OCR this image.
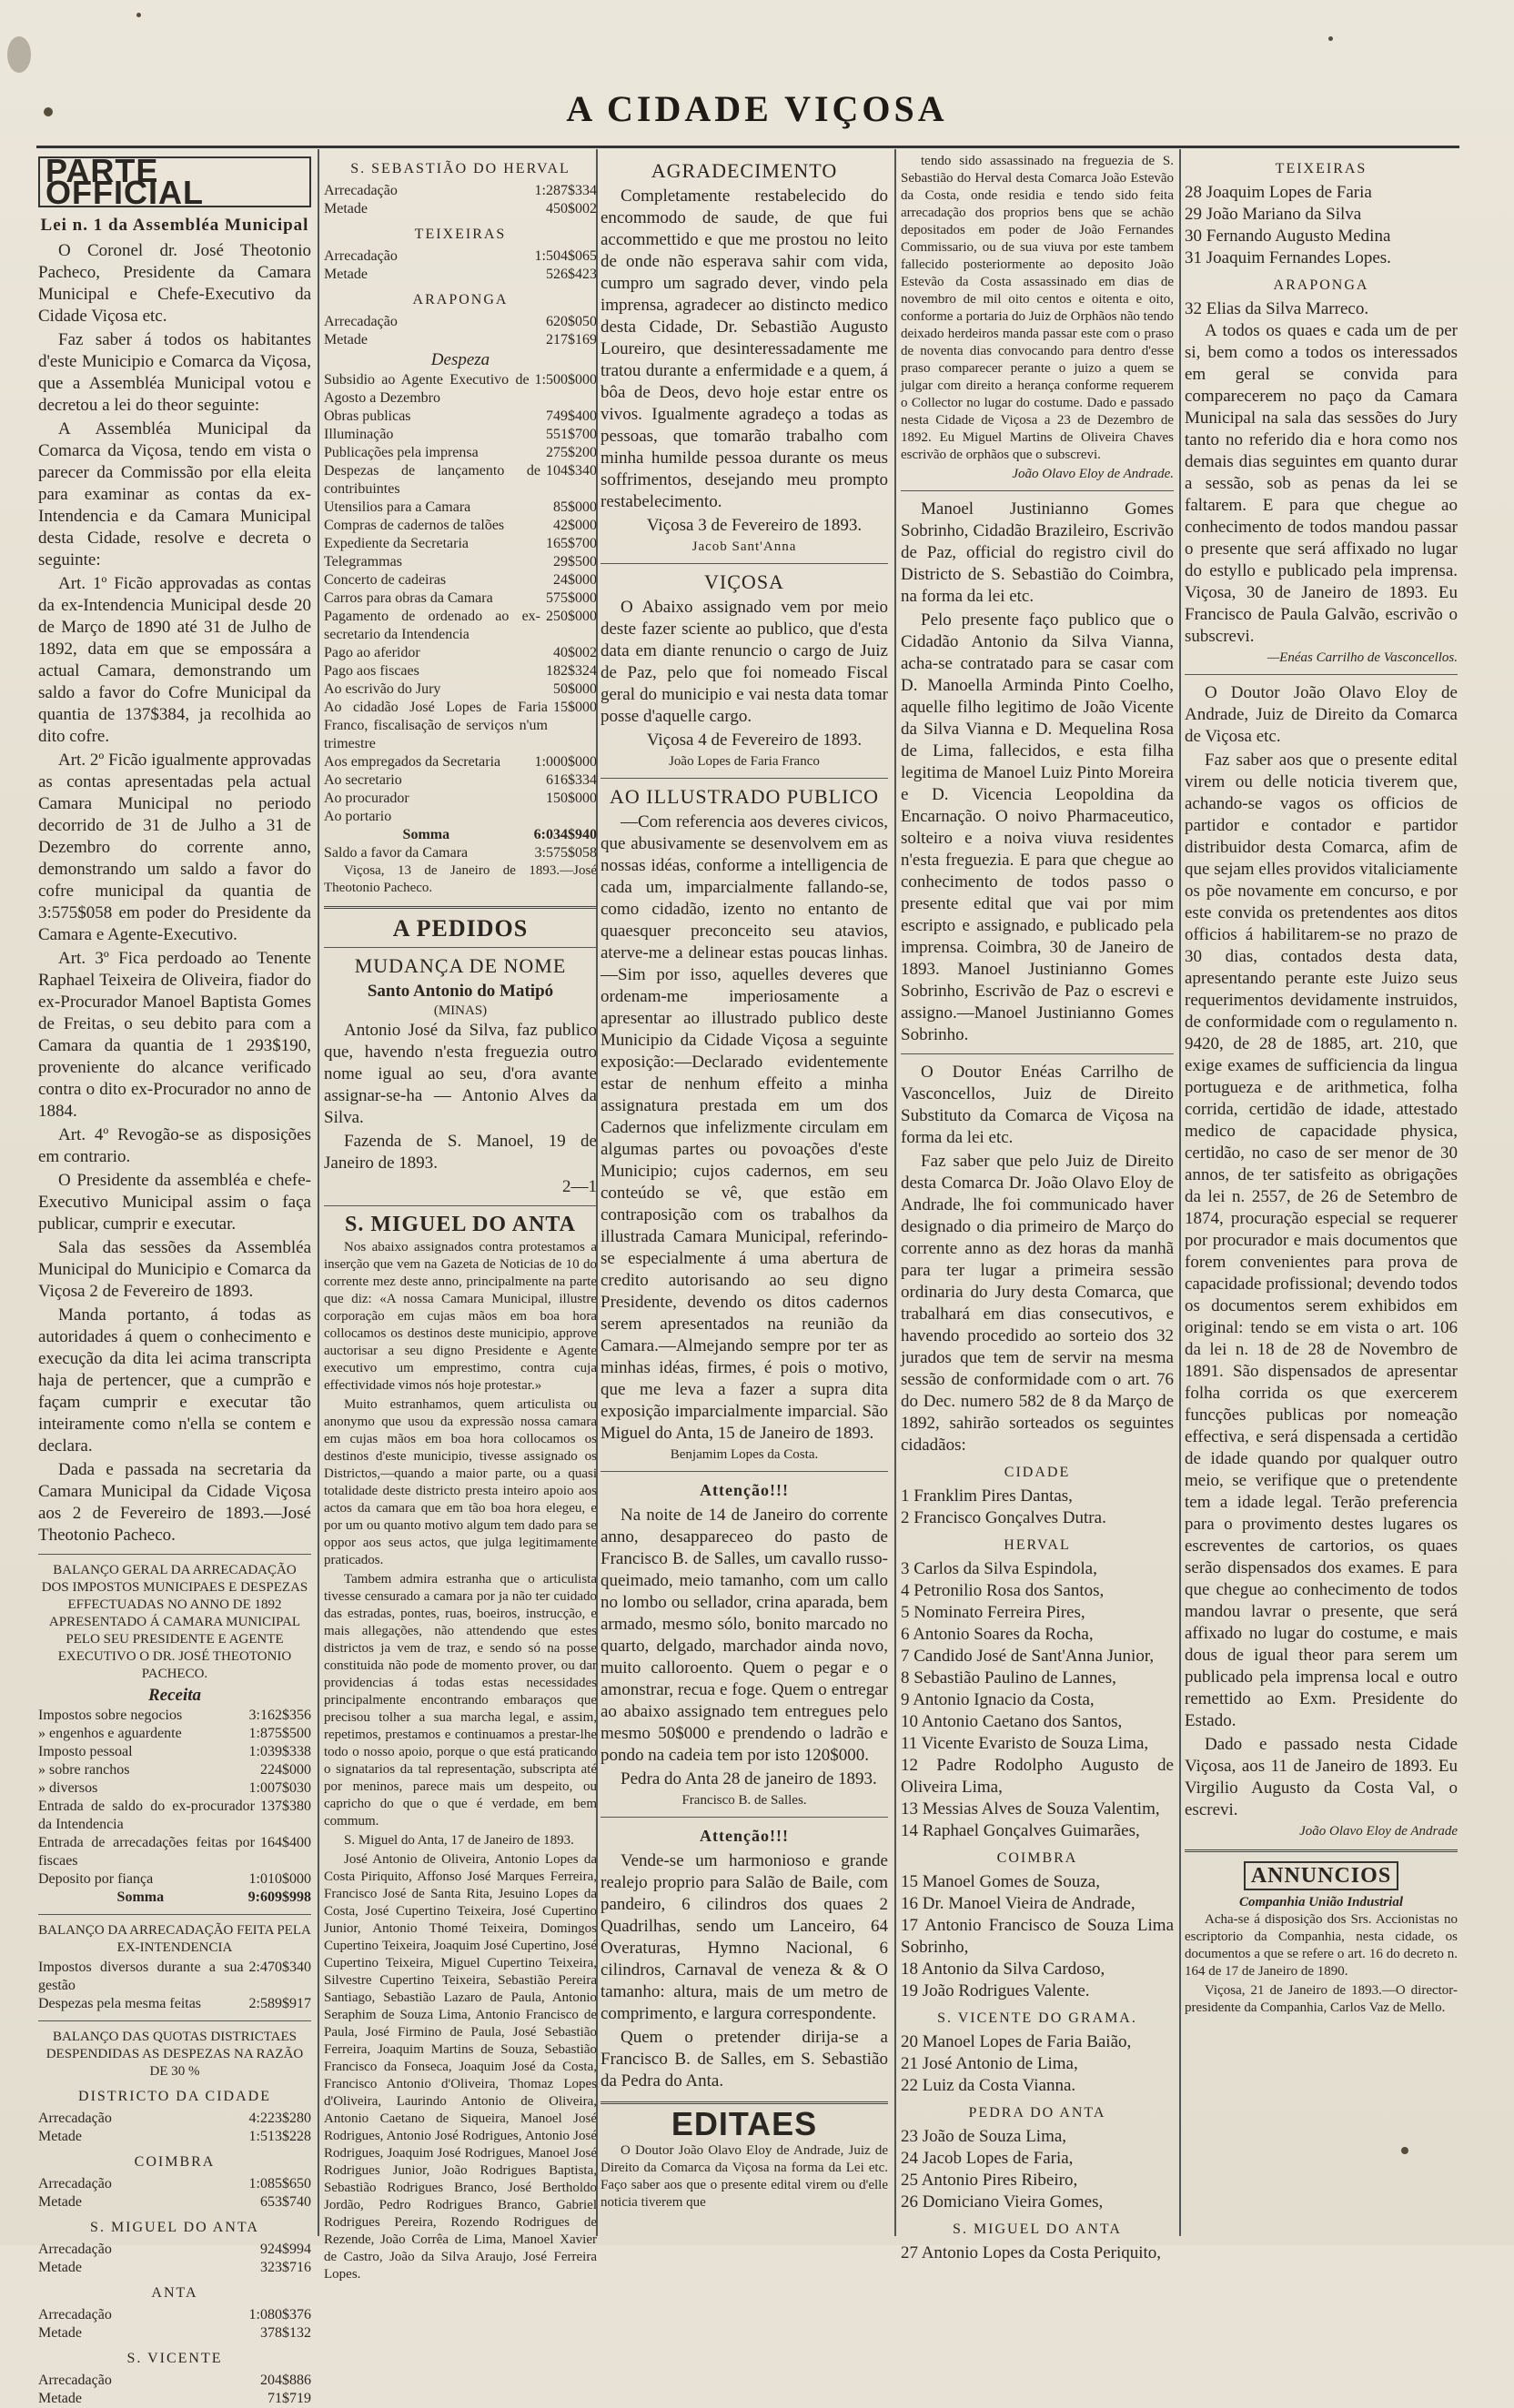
A CIDADE VIÇOSA
PARTE OFFICIAL
Lei n. 1 da Assembléa Municipal

O Coronel dr. José Theotonio Pacheco, Presidente da Camara Municipal e Chefe-Executivo da Cidade Viçosa etc.

Faz saber á todos os habitantes d'este Municipio e Comarca da Viçosa, que a Assembléa Municipal votou e decretou a lei do theor seguinte:

A Assembléa Municipal da Comarca da Viçosa, tendo em vista o parecer da Commissão por ella eleita para examinar as contas da ex-Intendencia e da Camara Municipal desta Cidade, resolve e decreta o seguinte:

Art. 1º Ficão approvadas as contas da ex-Intendencia Municipal desde 20 de Março de 1890 até 31 de Julho de 1892, data em que se empossára a actual Camara, demonstrando um saldo a favor do Cofre Municipal da quantia de 137$384, ja recolhida ao dito cofre.

Art. 2º Ficão igualmente approvadas as contas apresentadas pela actual Camara Municipal no periodo decorrido de 31 de Julho a 31 de Dezembro do corrente anno, demonstrando um saldo a favor do cofre municipal da quantia de 3:575$058 em poder do Presidente da Camara e Agente-Executivo.

Art. 3º Fica perdoado ao Tenente Raphael Teixeira de Oliveira, fiador do ex-Procurador Manoel Baptista Gomes de Freitas, o seu debito para com a Camara da quantia de 1 293$190, proveniente do alcance verificado contra o dito ex-Procurador no anno de 1884.

Art. 4º Revogão-se as disposições em contrario.

O Presidente da assembléa e chefe-Executivo Municipal assim o faça publicar, cumprir e executar.

Sala das sessões da Assembléa Municipal do Municipio e Comarca da Viçosa 2 de Fevereiro de 1893.

Manda portanto, á todas as autoridades á quem o conhecimento e execução da dita lei acima transcripta haja de pertencer, que a cumprão e façam cumprir e executar tão inteiramente como n'ella se contem e declara.

Dada e passada na secretaria da Camara Municipal da Cidade Viçosa aos 2 de Fevereiro de 1893.—José Theotonio Pacheco.

BALANÇO GERAL DA ARRECADAÇÃO DOS IMPOSTOS MUNICIPAES E DESPEZAS EFFECTUADAS NO ANNO DE 1892 APRESENTADO Á CAMARA MUNICIPAL PELO SEU PRESIDENTE E AGENTE EXECUTIVO O DR. JOSÉ THEOTONIO PACHECO.

Receita
Impostos sobre negocios	3:162$356
» engenhos e aguardente	1:875$500
Imposto pessoal	1:039$338
» sobre ranchos	224$000
» diversos	1:007$030
Entrada de saldo do ex-procurador da Intendencia
137$380
Entrada de arrecadações feitas por fiscaes
164$400
Deposito por fiança	1:010$000
Somma	9:609$998

BALANÇO DA ARRECADAÇÃO FEITA PELA EX-INTENDENCIA

Impostos diversos durante a sua gestão
2:470$340
Despezas pela mesma feitas	2:589$917

BALANÇO DAS QUOTAS DISTRICTAES DESPENDIDAS AS DESPEZAS NA RAZÃO DE 30 %

DISTRICTO DA CIDADE
Arrecadação	4:223$280
Metade	1:513$228
COIMBRA
Arrecadação	1:085$650
Metade	653$740
S. MIGUEL DO ANTA
Arrecadação	924$994
Metade	323$716
ANTA
Arrecadação	1:080$376
Metade	378$132
S. VICENTE
Arrecadação	204$886
Metade	71$719
S. SEBASTIÃO DO HERVAL
Arrecadação	1:287$334
Metade	450$002
TEIXEIRAS
Arrecadação	1:504$065
Metade	526$423
ARAPONGA
Arrecadação	620$050
Metade	217$169
Despeza
Subsidio ao Agente Executivo de Agosto a Dezembro
1:500$000
Obras publicas	749$400
Illuminação	551$700
Publicações pela imprensa	275$200
Despezas de lançamento de contribuintes
104$340
Utensilios para a Camara	85$000
Compras de cadernos de talões	42$000
Expediente da Secretaria	165$700
Telegrammas	29$500
Concerto de cadeiras	24$000
Carros para obras da Camara	575$000
Pagamento de ordenado ao ex-secretario da Intendencia
250$000
Pago ao aferidor	40$002
Pago aos fiscaes	182$324
Ao escrivão do Jury	50$000
Ao cidadão José Lopes de Faria Franco, fiscalisação de serviços n'um trimestre
15$000
Aos empregados da Secretaria	1:000$000
Ao secretario	616$334
Ao procurador	150$000
Ao portario
Somma	6:034$940
Saldo a favor da Camara	3:575$058

Viçosa, 13 de Janeiro de 1893.—José Theotonio Pacheco.

A PEDIDOS
MUDANÇA DE NOME
Santo Antonio do Matipó
(MINAS)

Antonio José da Silva, faz publico que, havendo n'esta freguezia outro nome igual ao seu, d'ora avante assignar-se-ha — Antonio Alves da Silva.

Fazenda de S. Manoel, 19 de Janeiro de 1893.

2—1
S. MIGUEL DO ANTA

Nos abaixo assignados contra protestamos a inserção que vem na Gazeta de Noticias de 10 do corrente mez deste anno, principalmente na parte que diz: «A nossa Camara Municipal, illustre corporação em cujas mãos em boa hora collocamos os destinos deste municipio, approve auctorisar a seu digno Presidente e Agente executivo um emprestimo, contra cuja effectividade vimos nós hoje protestar.»

Muito estranhamos, quem articulista ou anonymo que usou da expressão nossa camara em cujas mãos em boa hora collocamos os destinos d'este municipio, tivesse assignado os Districtos,—quando a maior parte, ou a quasi totalidade deste districto presta inteiro apoio aos actos da camara que em tão boa hora elegeu, e por um ou quanto motivo algum tem dado para se oppor aos seus actos, que julga legitimamente praticados.

Tambem admira estranha que o articulista tivesse censurado a camara por ja não ter cuidado das estradas, pontes, ruas, boeiros, instrucção, e mais allegações, não attendendo que estes districtos ja vem de traz, e sendo só na posse constituida não pode de momento prover, ou dar providencias á todas estas necessidades principalmente encontrando embaraços que precisou tolher a sua marcha legal, e assim, repetimos, prestamos e continuamos a prestar-lhe todo o nosso apoio, porque o que está praticando o signatarios da tal representação, subscripta até por meninos, parece mais um despeito, ou capricho do que o que é verdade, em bem commum.

S. Miguel do Anta, 17 de Janeiro de 1893.

José Antonio de Oliveira, Antonio Lopes da Costa Piriquito, Affonso José Marques Ferreira, Francisco José de Santa Rita, Jesuino Lopes da Costa, José Cupertino Teixeira, José Cupertino Junior, Antonio Thomé Teixeira, Domingos Cupertino Teixeira, Joaquim José Cupertino, José Cupertino Teixeira, Miguel Cupertino Teixeira, Silvestre Cupertino Teixeira, Sebastião Pereira Santiago, Sebastião Lazaro de Paula, Antonio Seraphim de Souza Lima, Antonio Francisco de Paula, José Firmino de Paula, José Sebastião Ferreira, Joaquim Martins de Souza, Sebastião Francisco da Fonseca, Joaquim José da Costa, Francisco Antonio d'Oliveira, Thomaz Lopes d'Oliveira, Laurindo Antonio de Oliveira, Antonio Caetano de Siqueira, Manoel José Rodrigues, Antonio José Rodrigues, Antonio José Rodrigues, Joaquim José Rodrigues, Manoel José Rodrigues Junior, João Rodrigues Baptista, Sebastião Rodrigues Branco, José Bertholdo Jordão, Pedro Rodrigues Branco, Gabriel Rodrigues Pereira, Rozendo Rodrigues de Rezende, João Corrêa de Lima, Manoel Xavier de Castro, João da Silva Araujo, José Ferreira Lopes.

AGRADECIMENTO

Completamente restabelecido do encommodo de saude, de que fui accommettido e que me prostou no leito de onde não esperava sahir com vida, cumpro um sagrado dever, vindo pela imprensa, agradecer ao distincto medico desta Cidade, Dr. Sebastião Augusto Loureiro, que desinteressadamente me tratou durante a enfermidade e a quem, á bôa de Deos, devo hoje estar entre os vivos. Igualmente agradeço a todas as pessoas, que tomarão trabalho com minha humilde pessoa durante os meus soffrimentos, desejando meu prompto restabelecimento.

Viçosa 3 de Fevereiro de 1893.

Jacob Sant'Anna
VIÇOSA

O Abaixo assignado vem por meio deste fazer sciente ao publico, que d'esta data em diante renuncio o cargo de Juiz de Paz, pelo que foi nomeado Fiscal geral do municipio e vai nesta data tomar posse d'aquelle cargo.

Viçosa 4 de Fevereiro de 1893.

João Lopes de Faria Franco
AO ILLUSTRADO PUBLICO

—Com referencia aos deveres civicos, que abusivamente se desenvolvem em as nossas idéas, conforme a intelligencia de cada um, imparcialmente fallando-se, como cidadão, izento no entanto de quaesquer preconceito seu atavios, aterve-me a delinear estas poucas linhas.—Sim por isso, aquelles deveres que ordenam-me imperiosamente a apresentar ao illustrado publico deste Municipio da Cidade Viçosa a seguinte exposição:—Declarado evidentemente estar de nenhum effeito a minha assignatura prestada em um dos Cadernos que infelizmente circulam em algumas partes ou povoações d'este Municipio; cujos cadernos, em seu conteúdo se vê, que estão em contraposição com os trabalhos da illustrada Camara Municipal, referindo-se especialmente á uma abertura de credito autorisando ao seu digno Presidente, devendo os ditos cadernos serem apresentados na reunião da Camara.—Almejando sempre por ter as minhas idéas, firmes, é pois o motivo, que me leva a fazer a supra dita exposição imparcialmente imparcial. São Miguel do Anta, 15 de Janeiro de 1893.

Benjamim Lopes da Costa.
Attenção!!!

Na noite de 14 de Janeiro do corrente anno, desappareceo do pasto de Francisco B. de Salles, um cavallo russo-queimado, meio tamanho, com um callo no lombo ou sellador, crina aparada, bem armado, mesmo sólo, bonito marcado no quarto, delgado, marchador ainda novo, muito calloroento. Quem o pegar e o amonstrar, recua e foge. Quem o entregar ao abaixo assignado tem entregues pelo mesmo 50$000 e prendendo o ladrão e pondo na cadeia tem por isto 120$000.

Pedra do Anta 28 de janeiro de 1893.

Francisco B. de Salles.
Attenção!!!

Vende-se um harmonioso e grande realejo proprio para Salão de Baile, com pandeiro, 6 cilindros dos quaes 2 Quadrilhas, sendo um Lanceiro, 64 Overaturas, Hymno Nacional, 6 cilindros, Carnaval de veneza & & O tamanho: altura, mais de um metro de comprimento, e largura correspondente.

Quem o pretender dirija-se a Francisco B. de Salles, em S. Sebastião da Pedra do Anta.

EDITAES

O Doutor João Olavo Eloy de Andrade, Juiz de Direito da Comarca da Viçosa na forma da Lei etc. Faço saber aos que o presente edital virem ou d'elle noticia tiverem que

tendo sido assassinado na freguezia de S. Sebastião do Herval desta Comarca João Estevão da Costa, onde residia e tendo sido feita arrecadação dos proprios bens que se achão depositados em poder de João Fernandes Commissario, ou de sua viuva por este tambem fallecido posteriormente ao deposito João Estevão da Costa assassinado em dias de novembro de mil oito centos e oitenta e oito, conforme a portaria do Juiz de Orphãos não tendo deixado herdeiros manda passar este com o praso de noventa dias convocando para dentro d'esse praso comparecer perante o juizo a quem se julgar com direito a herança conforme requerem o Collector no lugar do costume. Dado e passado nesta Cidade de Viçosa a 23 de Dezembro de 1892. Eu Miguel Martins de Oliveira Chaves escrivão de orphãos que o subscrevi.

João Olavo Eloy de Andrade.

Manoel Justinianno Gomes Sobrinho, Cidadão Brazileiro, Escrivão de Paz, official do registro civil do Districto de S. Sebastião do Coimbra, na forma da lei etc.

Pelo presente faço publico que o Cidadão Antonio da Silva Vianna, acha-se contratado para se casar com D. Manoella Arminda Pinto Coelho, aquelle filho legitimo de João Vicente da Silva Vianna e D. Mequelina Rosa de Lima, fallecidos, e esta filha legitima de Manoel Luiz Pinto Moreira e D. Vicencia Leopoldina da Encarnação. O noivo Pharmaceutico, solteiro e a noiva viuva residentes n'esta freguezia. E para que chegue ao conhecimento de todos passo o presente edital que vai por mim escripto e assignado, e publicado pela imprensa. Coimbra, 30 de Janeiro de 1893. Manoel Justinianno Gomes Sobrinho, Escrivão de Paz o escrevi e assigno.—Manoel Justinianno Gomes Sobrinho.

O Doutor Enéas Carrilho de Vasconcellos, Juiz de Direito Substituto da Comarca de Viçosa na forma da lei etc.

Faz saber que pelo Juiz de Direito desta Comarca Dr. João Olavo Eloy de Andrade, lhe foi communicado haver designado o dia primeiro de Março do corrente anno as dez horas da manhã para ter lugar a primeira sessão ordinaria do Jury desta Comarca, que trabalhará em dias consecutivos, e havendo procedido ao sorteio dos 32 jurados que tem de servir na mesma sessão de conformidade com o art. 76 do Dec. numero 582 de 8 da Março de 1892, sahirão sorteados os seguintes cidadãos:

CIDADE
1 Franklim Pires Dantas,
2 Francisco Gonçalves Dutra.
HERVAL
3 Carlos da Silva Espindola,
4 Petronilio Rosa dos Santos,
5 Nominato Ferreira Pires,
6 Antonio Soares da Rocha,
7 Candido José de Sant'Anna Junior,
8 Sebastião Paulino de Lannes,
9 Antonio Ignacio da Costa,
10 Antonio Caetano dos Santos,
11 Vicente Evaristo de Souza Lima,
12 Padre Rodolpho Augusto de Oliveira Lima,
13 Messias Alves de Souza Valentim,
14 Raphael Gonçalves Guimarães,
COIMBRA
15 Manoel Gomes de Souza,
16 Dr. Manoel Vieira de Andrade,
17 Antonio Francisco de Souza Lima Sobrinho,
18 Antonio da Silva Cardoso,
19 João Rodrigues Valente.
S. VICENTE DO GRAMA.
20 Manoel Lopes de Faria Baião,
21 José Antonio de Lima,
22 Luiz da Costa Vianna.
PEDRA DO ANTA
23 João de Souza Lima,
24 Jacob Lopes de Faria,
25 Antonio Pires Ribeiro,
26 Domiciano Vieira Gomes,
S. MIGUEL DO ANTA
27 Antonio Lopes da Costa Periquito,
TEIXEIRAS
28 Joaquim Lopes de Faria
29 João Mariano da Silva
30 Fernando Augusto Medina
31 Joaquim Fernandes Lopes.
ARAPONGA
32 Elias da Silva Marreco.

A todos os quaes e cada um de per si, bem como a todos os interessados em geral se convida para comparecerem no paço da Camara Municipal na sala das sessões do Jury tanto no referido dia e hora como nos demais dias seguintes em quanto durar a sessão, sob as penas da lei se faltarem. E para que chegue ao conhecimento de todos mandou passar o presente que será affixado no lugar do estyllo e publicado pela imprensa. Viçosa, 30 de Janeiro de 1893. Eu Francisco de Paula Galvão, escrivão o subscrevi.

—Enéas Carrilho de Vasconcellos.

O Doutor João Olavo Eloy de Andrade, Juiz de Direito da Comarca de Viçosa etc.

Faz saber aos que o presente edital virem ou delle noticia tiverem que, achando-se vagos os officios de partidor e contador e partidor distribuidor desta Comarca, afim de que sejam elles providos vitaliciamente os põe novamente em concurso, e por este convida os pretendentes aos ditos officios á habilitarem-se no prazo de 30 dias, contados desta data, apresentando perante este Juizo seus requerimentos devidamente instruidos, de conformidade com o regulamento n. 9420, de 28 de 1885, art. 210, que exige exames de sufficiencia da lingua portugueza e de arithmetica, folha corrida, certidão de idade, attestado medico de capacidade physica, certidão, no caso de ser menor de 30 annos, de ter satisfeito as obrigações da lei n. 2557, de 26 de Setembro de 1874, procuração especial se requerer por procurador e mais documentos que forem convenientes para prova de capacidade profissional; devendo todos os documentos serem exhibidos em original: tendo se em vista o art. 106 da lei n. 18 de 28 de Novembro de 1891. São dispensados de apresentar folha corrida os que exercerem funcções publicas por nomeação effectiva, e será dispensada a certidão de idade quando por qualquer outro meio, se verifique que o pretendente tem a idade legal. Terão preferencia para o provimento destes lugares os escreventes de cartorios, os quaes serão dispensados dos exames. E para que chegue ao conhecimento de todos mandou lavrar o presente, que será affixado no lugar do costume, e mais dous de igual theor para serem um publicado pela imprensa local e outro remettido ao Exm. Presidente do Estado.

Dado e passado nesta Cidade Viçosa, aos 11 de Janeiro de 1893. Eu Virgilio Augusto da Costa Val, o escrevi.

João Olavo Eloy de Andrade
ANNUNCIOS
Companhia União Industrial

Acha-se á disposição dos Srs. Accionistas no escriptorio da Companhia, nesta cidade, os documentos a que se refere o art. 16 do decreto n. 164 de 17 de Janeiro de 1890.

Viçosa, 21 de Janeiro de 1893.—O director-presidente da Companhia, Carlos Vaz de Mello.
